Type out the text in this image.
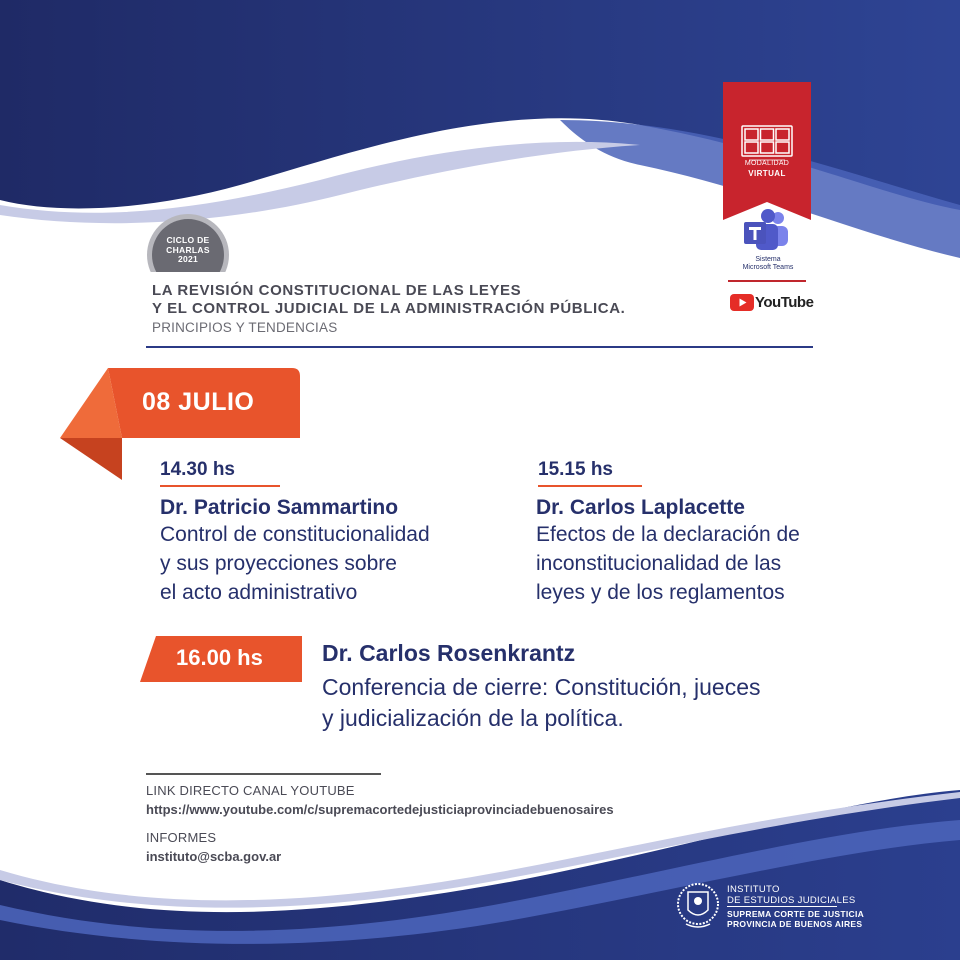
CICLO DE
CHARLAS
2021
LA REVISIÓN CONSTITUCIONAL DE LAS LEYES
Y EL CONTROL JUDICIAL DE LA ADMINISTRACIÓN PÚBLICA.
PRINCIPIOS Y TENDENCIAS
MODALIDAD
VIRTUAL
Sistema
Microsoft Teams
YouTube
08 JULIO
14.30 hs
Dr. Patricio Sammartino
Control de constitucionalidad
y sus proyecciones sobre
el acto administrativo
15.15 hs
Dr. Carlos Laplacette
Efectos de la declaración de
inconstitucionalidad de las
leyes y de los reglamentos
16.00 hs	Dr. Carlos Rosenkrantz
Conferencia de cierre: Constitución, jueces
y judicialización de la política.
LINK DIRECTO CANAL YOUTUBE
https://www.youtube.com/c/supremacortedejusticiaprovinciadebuenosaires
INFORMES
instituto@scba.gov.ar
INSTITUTO
DE ESTUDIOS JUDICIALES
SUPREMA CORTE DE JUSTICIA
PROVINCIA DE BUENOS AIRES
